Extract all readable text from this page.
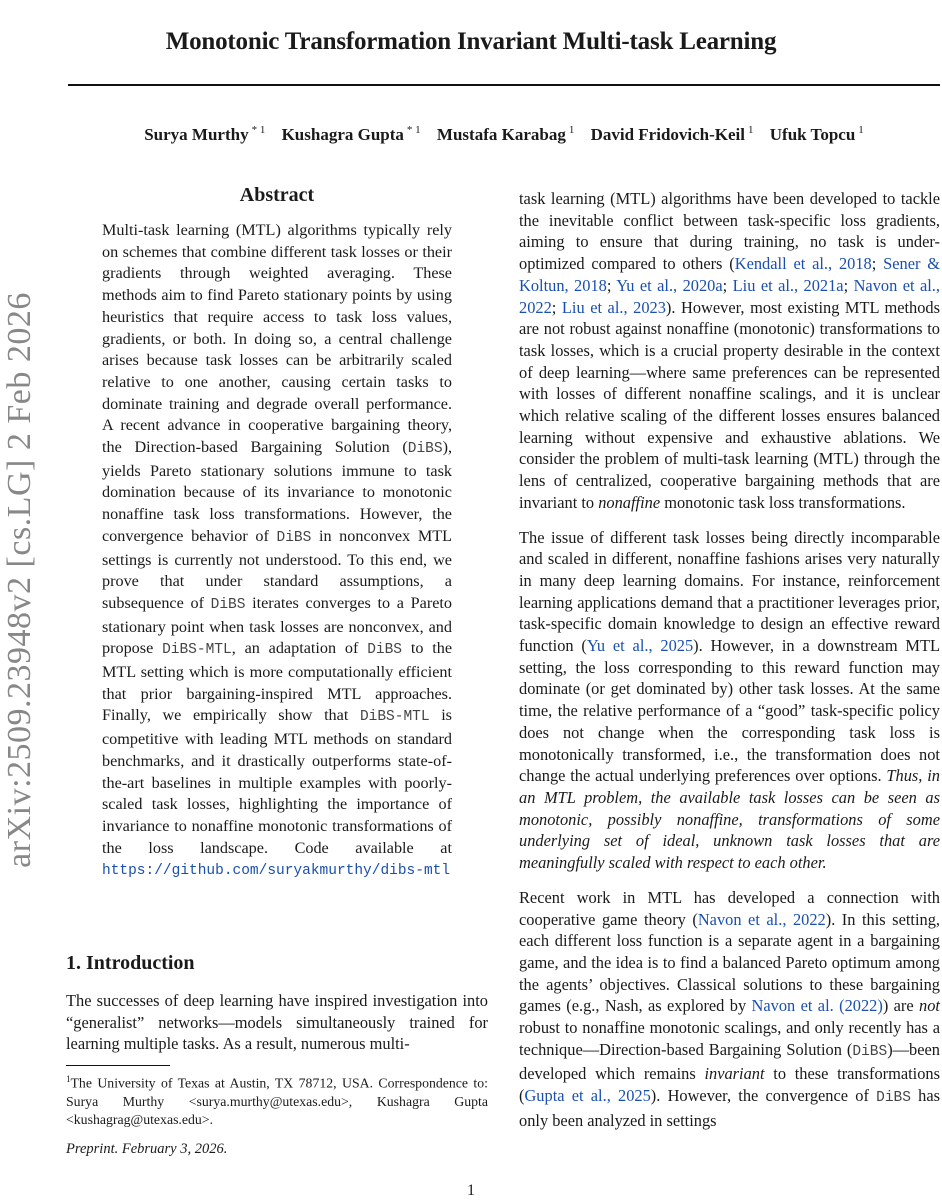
Monotonic Transformation Invariant Multi-task Learning
Surya Murthy $^{* 1}$ Kushagra Gupta $^{* 1}$ Mustafa Karabag $^1$ David Fridovich-Keil $^1$ Ufuk Topcu $^1$
arXiv:2509.23948v2 [cs.LG] 2 Feb 2026
Abstract
Multi-task learning (MTL) algorithms typically rely on schemes that combine different task losses or their gradients through weighted averaging. These methods aim to find Pareto stationary points by using heuristics that require access to task loss values, gradients, or both. In doing so, a central challenge arises because task losses can be arbitrarily scaled relative to one another, causing certain tasks to dominate training and degrade overall performance. A recent advance in cooperative bargaining theory, the Direction-based Bargaining Solution (DiBS), yields Pareto stationary solutions immune to task domination because of its invariance to monotonic nonaffine task loss transformations. However, the convergence behavior of DiBS in nonconvex MTL settings is currently not understood. To this end, we prove that under standard assumptions, a subsequence of DiBS iterates converges to a Pareto stationary point when task losses are nonconvex, and propose DiBS-MTL, an adaptation of DiBS to the MTL setting which is more computationally efficient that prior bargaining-inspired MTL approaches. Finally, we empirically show that DiBS-MTL is competitive with leading MTL methods on standard benchmarks, and it drastically outperforms state-of-the-art baselines in multiple examples with poorly-scaled task losses, highlighting the importance of invariance to nonaffine monotonic transformations of the loss landscape. Code available at https://github.com/suryakmurthy/dibs-mtl
1. Introduction
The successes of deep learning have inspired investigation into “generalist” networks—models simultaneously trained for learning multiple tasks. As a result, numerous multi-
$^1$The University of Texas at Austin, TX 78712, USA. Correspondence to: Surya Murthy <surya.murthy@utexas.edu>, Kushagra Gupta <kushagrag@utexas.edu>.
Preprint. February 3, 2026.

task learning (MTL) algorithms have been developed to tackle the inevitable conflict between task-specific loss gradients, aiming to ensure that during training, no task is under-optimized compared to others (Kendall et al., 2018; Sener & Koltun, 2018; Yu et al., 2020a; Liu et al., 2021a; Navon et al., 2022; Liu et al., 2023). However, most existing MTL methods are not robust against nonaffine (monotonic) transformations to task losses, which is a crucial property desirable in the context of deep learning—where same preferences can be represented with losses of different nonaffine scalings, and it is unclear which relative scaling of the different losses ensures balanced learning without expensive and exhaustive ablations. We consider the problem of multi-task learning (MTL) through the lens of centralized, cooperative bargaining methods that are invariant to nonaffine monotonic task loss transformations.

The issue of different task losses being directly incomparable and scaled in different, nonaffine fashions arises very naturally in many deep learning domains. For instance, reinforcement learning applications demand that a practitioner leverages prior, task-specific domain knowledge to design an effective reward function (Yu et al., 2025). However, in a downstream MTL setting, the loss corresponding to this reward function may dominate (or get dominated by) other task losses. At the same time, the relative performance of a “good” task-specific policy does not change when the corresponding task loss is monotonically transformed, i.e., the transformation does not change the actual underlying preferences over options. Thus, in an MTL problem, the available task losses can be seen as monotonic, possibly nonaffine, transformations of some underlying set of ideal, unknown task losses that are meaningfully scaled with respect to each other.

Recent work in MTL has developed a connection with cooperative game theory (Navon et al., 2022). In this setting, each different loss function is a separate agent in a bargaining game, and the idea is to find a balanced Pareto optimum among the agents’ objectives. Classical solutions to these bargaining games (e.g., Nash, as explored by Navon et al. (2022)) are not robust to nonaffine monotonic scalings, and only recently has a technique—Direction-based Bargaining Solution (DiBS)—been developed which remains invariant to these transformations (Gupta et al., 2025). However, the convergence of DiBS has only been analyzed in settings

1
